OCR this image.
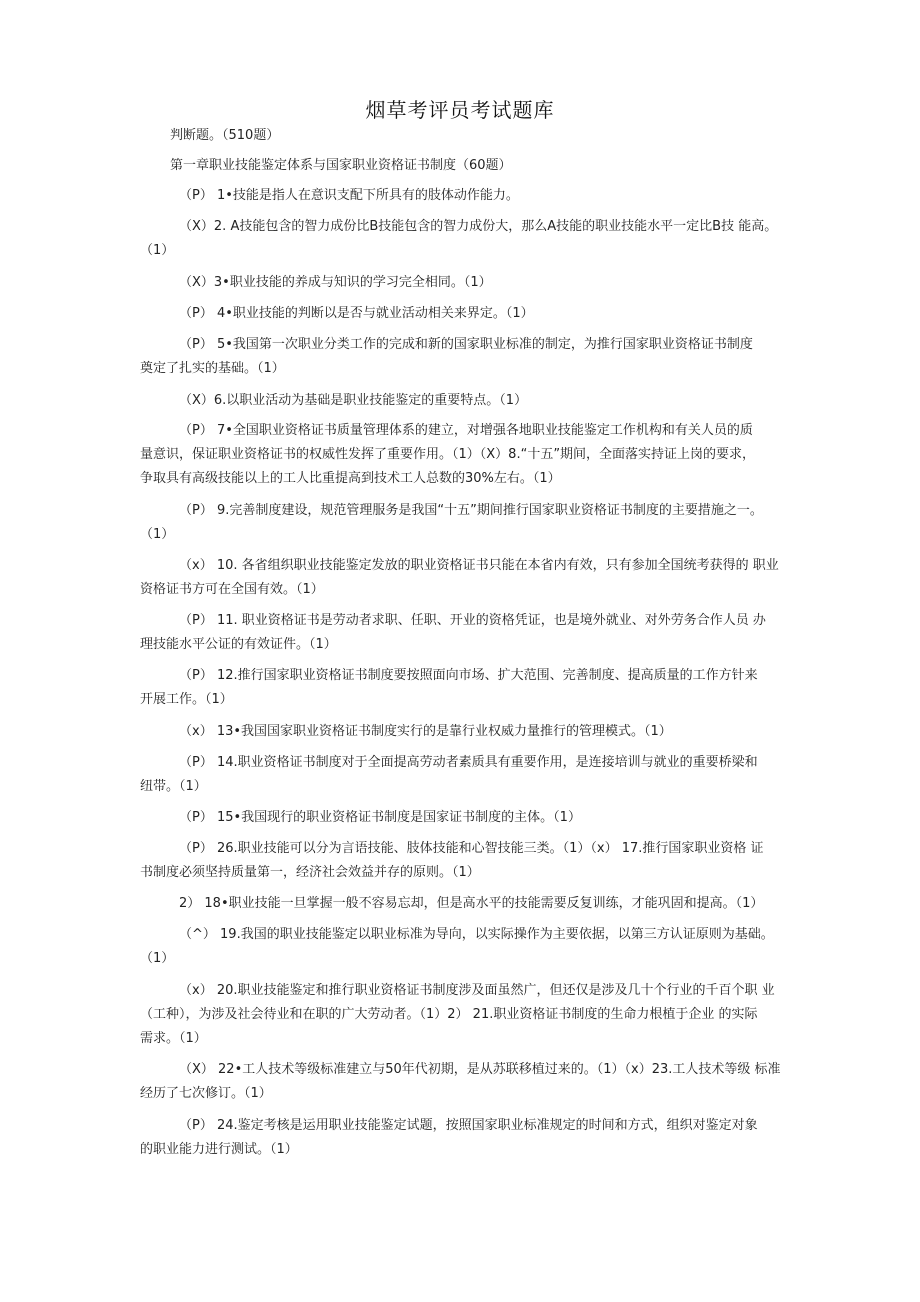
烟草考评员考试题库
判断题。（510题）
第一章职业技能鉴定体系与国家职业资格证书制度（60题）
（P） 1•技能是指人在意识支配下所具有的肢体动作能力。
（X）2. A技能包含的智力成份比B技能包含的智力成份大，那么A技能的职业技能水平一定比B技 能高。
（1）
（X）3•职业技能的养成与知识的学习完全相同。（1）
（P） 4•职业技能的判断以是否与就业活动相关来界定。（1）
（P） 5•我国第一次职业分类工作的完成和新的国家职业标准的制定，为推行国家职业资格证书制度
奠定了扎实的基础。（1）
（X）6.以职业活动为基础是职业技能鉴定的重要特点。（1）
（P） 7•全国职业资格证书质量管理体系的建立，对增强各地职业技能鉴定工作机构和有关人员的质
量意识，保证职业资格证书的权威性发挥了重要作用。（1）（X）8.“十五”期间，全面落实持证上岗的要求，
争取具有高级技能以上的工人比重提高到技术工人总数的30%左右。（1）
（P） 9.完善制度建设，规范管理服务是我国“十五”期间推行国家职业资格证书制度的主要措施之一。
（1）
（x） 10. 各省组织职业技能鉴定发放的职业资格证书只能在本省内有效，只有参加全国统考获得的 职业
资格证书方可在全国有效。（1）
（P） 11. 职业资格证书是劳动者求职、任职、开业的资格凭证，也是境外就业、对外劳务合作人员 办
理技能水平公证的有效证件。（1）
（P） 12.推行国家职业资格证书制度要按照面向市场、扩大范围、完善制度、提高质量的工作方针来
开展工作。（1）
（x） 13•我国国家职业资格证书制度实行的是靠行业权威力量推行的管理模式。（1）
（P） 14.职业资格证书制度对于全面提高劳动者素质具有重要作用，是连接培训与就业的重要桥梁和
纽带。（1）
（P） 15•我国现行的职业资格证书制度是国家证书制度的主体。（1）
（P） 26.职业技能可以分为言语技能、肢体技能和心智技能三类。（1）（x） 17.推行国家职业资格 证
书制度必须坚持质量第一，经济社会效益并存的原则。（1）
2） 18•职业技能一旦掌握一般不容易忘却，但是高水平的技能需要反复训练，才能巩固和提高。（1）
（^） 19.我国的职业技能鉴定以职业标准为导向，以实际操作为主要依据，以第三方认证原则为基础。
（1）
（x） 20.职业技能鉴定和推行职业资格证书制度涉及面虽然广，但还仅是涉及几十个行业的千百个职 业
（工种），为涉及社会待业和在职的广大劳动者。（1）2） 21.职业资格证书制度的生命力根植于企业 的实际
需求。（1）
（X） 22•工人技术等级标准建立与50年代初期，是从苏联移植过来的。（1）（x）23.工人技术等级 标准
经历了七次修订。（1）
（P） 24.鉴定考核是运用职业技能鉴定试题，按照国家职业标准规定的时间和方式，组织对鉴定对象
的职业能力进行测试。（1）
